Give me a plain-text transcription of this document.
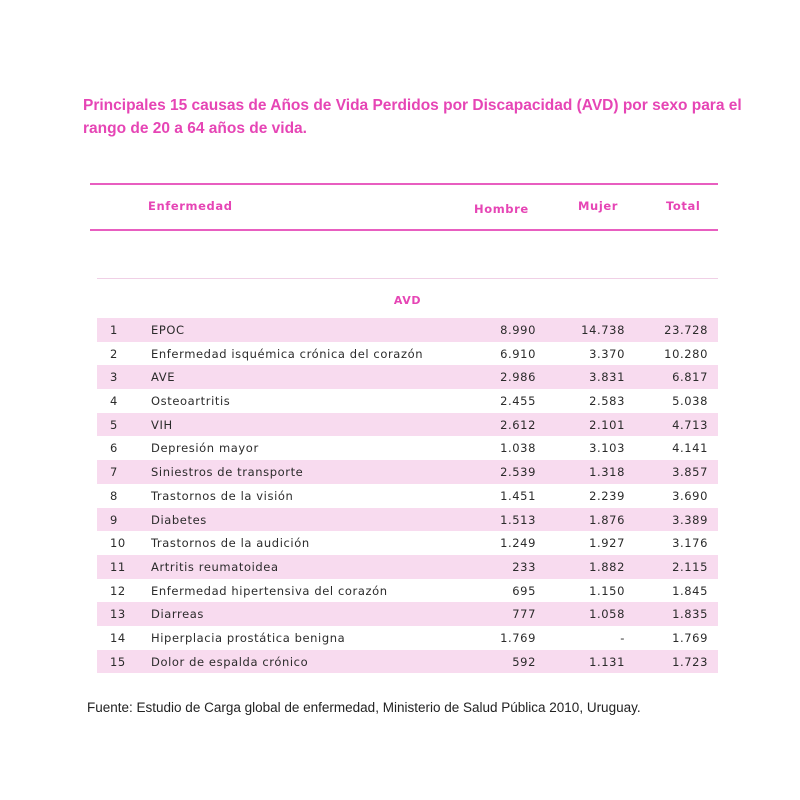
Principales 15 causas de Años de Vida Perdidos por Discapacidad (AVD) por sexo para el rango de 20 a 64 años de vida.
Enfermedad	Hombre	Mujer	Total
AVD
1	EPOC	8.990	14.738	23.728
2	Enfermedad isquémica crónica del corazón	6.910	3.370	10.280
3	AVE	2.986	3.831	6.817
4	Osteoartritis	2.455	2.583	5.038
5	VIH	2.612	2.101	4.713
6	Depresión mayor	1.038	3.103	4.141
7	Siniestros de transporte	2.539	1.318	3.857
8	Trastornos de la visión	1.451	2.239	3.690
9	Diabetes	1.513	1.876	3.389
10 Trastornos de la audición	1.249	1.927	3.176
11 Artritis reumatoidea	233	1.882	2.115
12 Enfermedad hipertensiva del corazón	695	1.150	1.845
13 Diarreas	777	1.058	1.835
14 Hiperplacia prostática benigna	1.769	-	1.769
15 Dolor de espalda crónico	592	1.131	1.723
Fuente: Estudio de Carga global de enfermedad, Ministerio de Salud Pública 2010, Uruguay.
